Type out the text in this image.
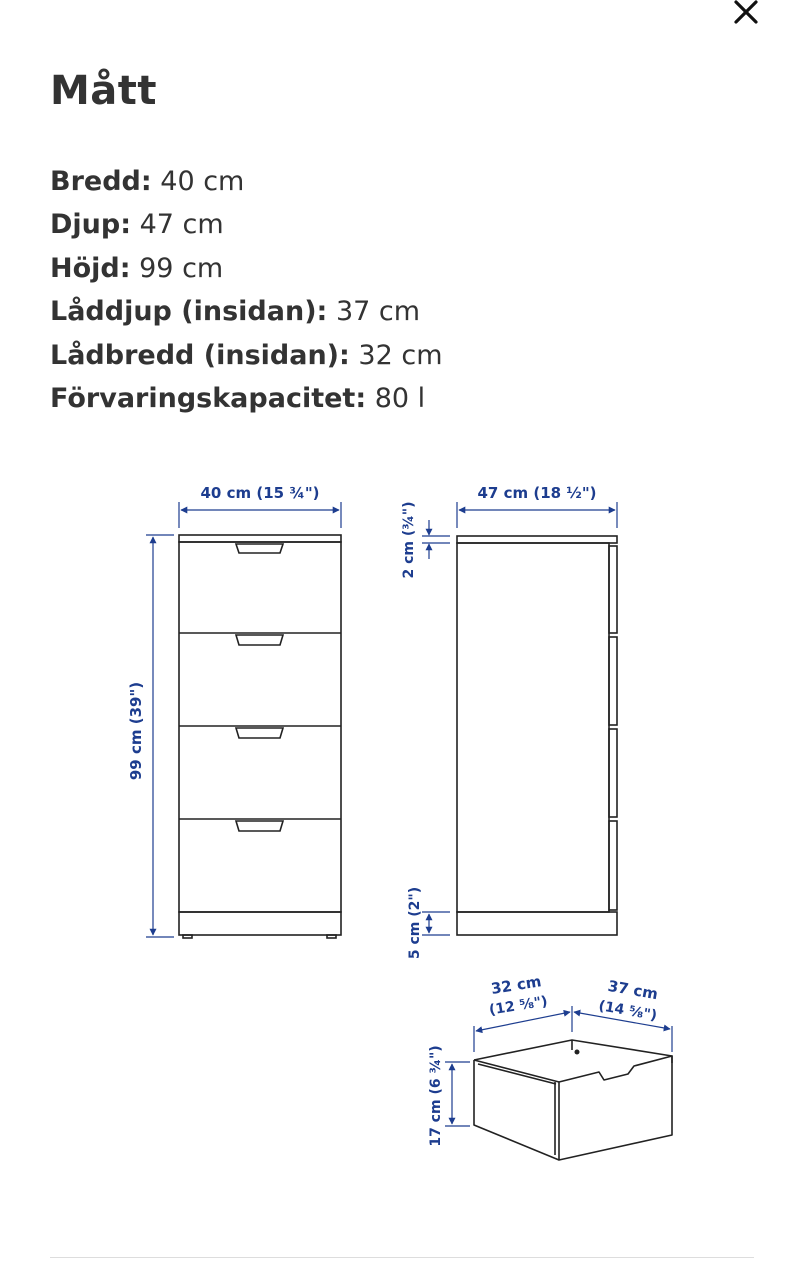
Mått
Bredd: 40 cm
Djup: 47 cm
Höjd: 99 cm
Låddjup (insidan): 37 cm
Lådbredd (insidan): 32 cm
Förvaringskapacitet: 80 l
40 cm (15 ¾")
99 cm (39")
47 cm (18 ½")
2 cm (¾")
5 cm (2")
32 cm
(12 ⅝")
37 cm
(14 ⅝")
17 cm (6 ¾")
